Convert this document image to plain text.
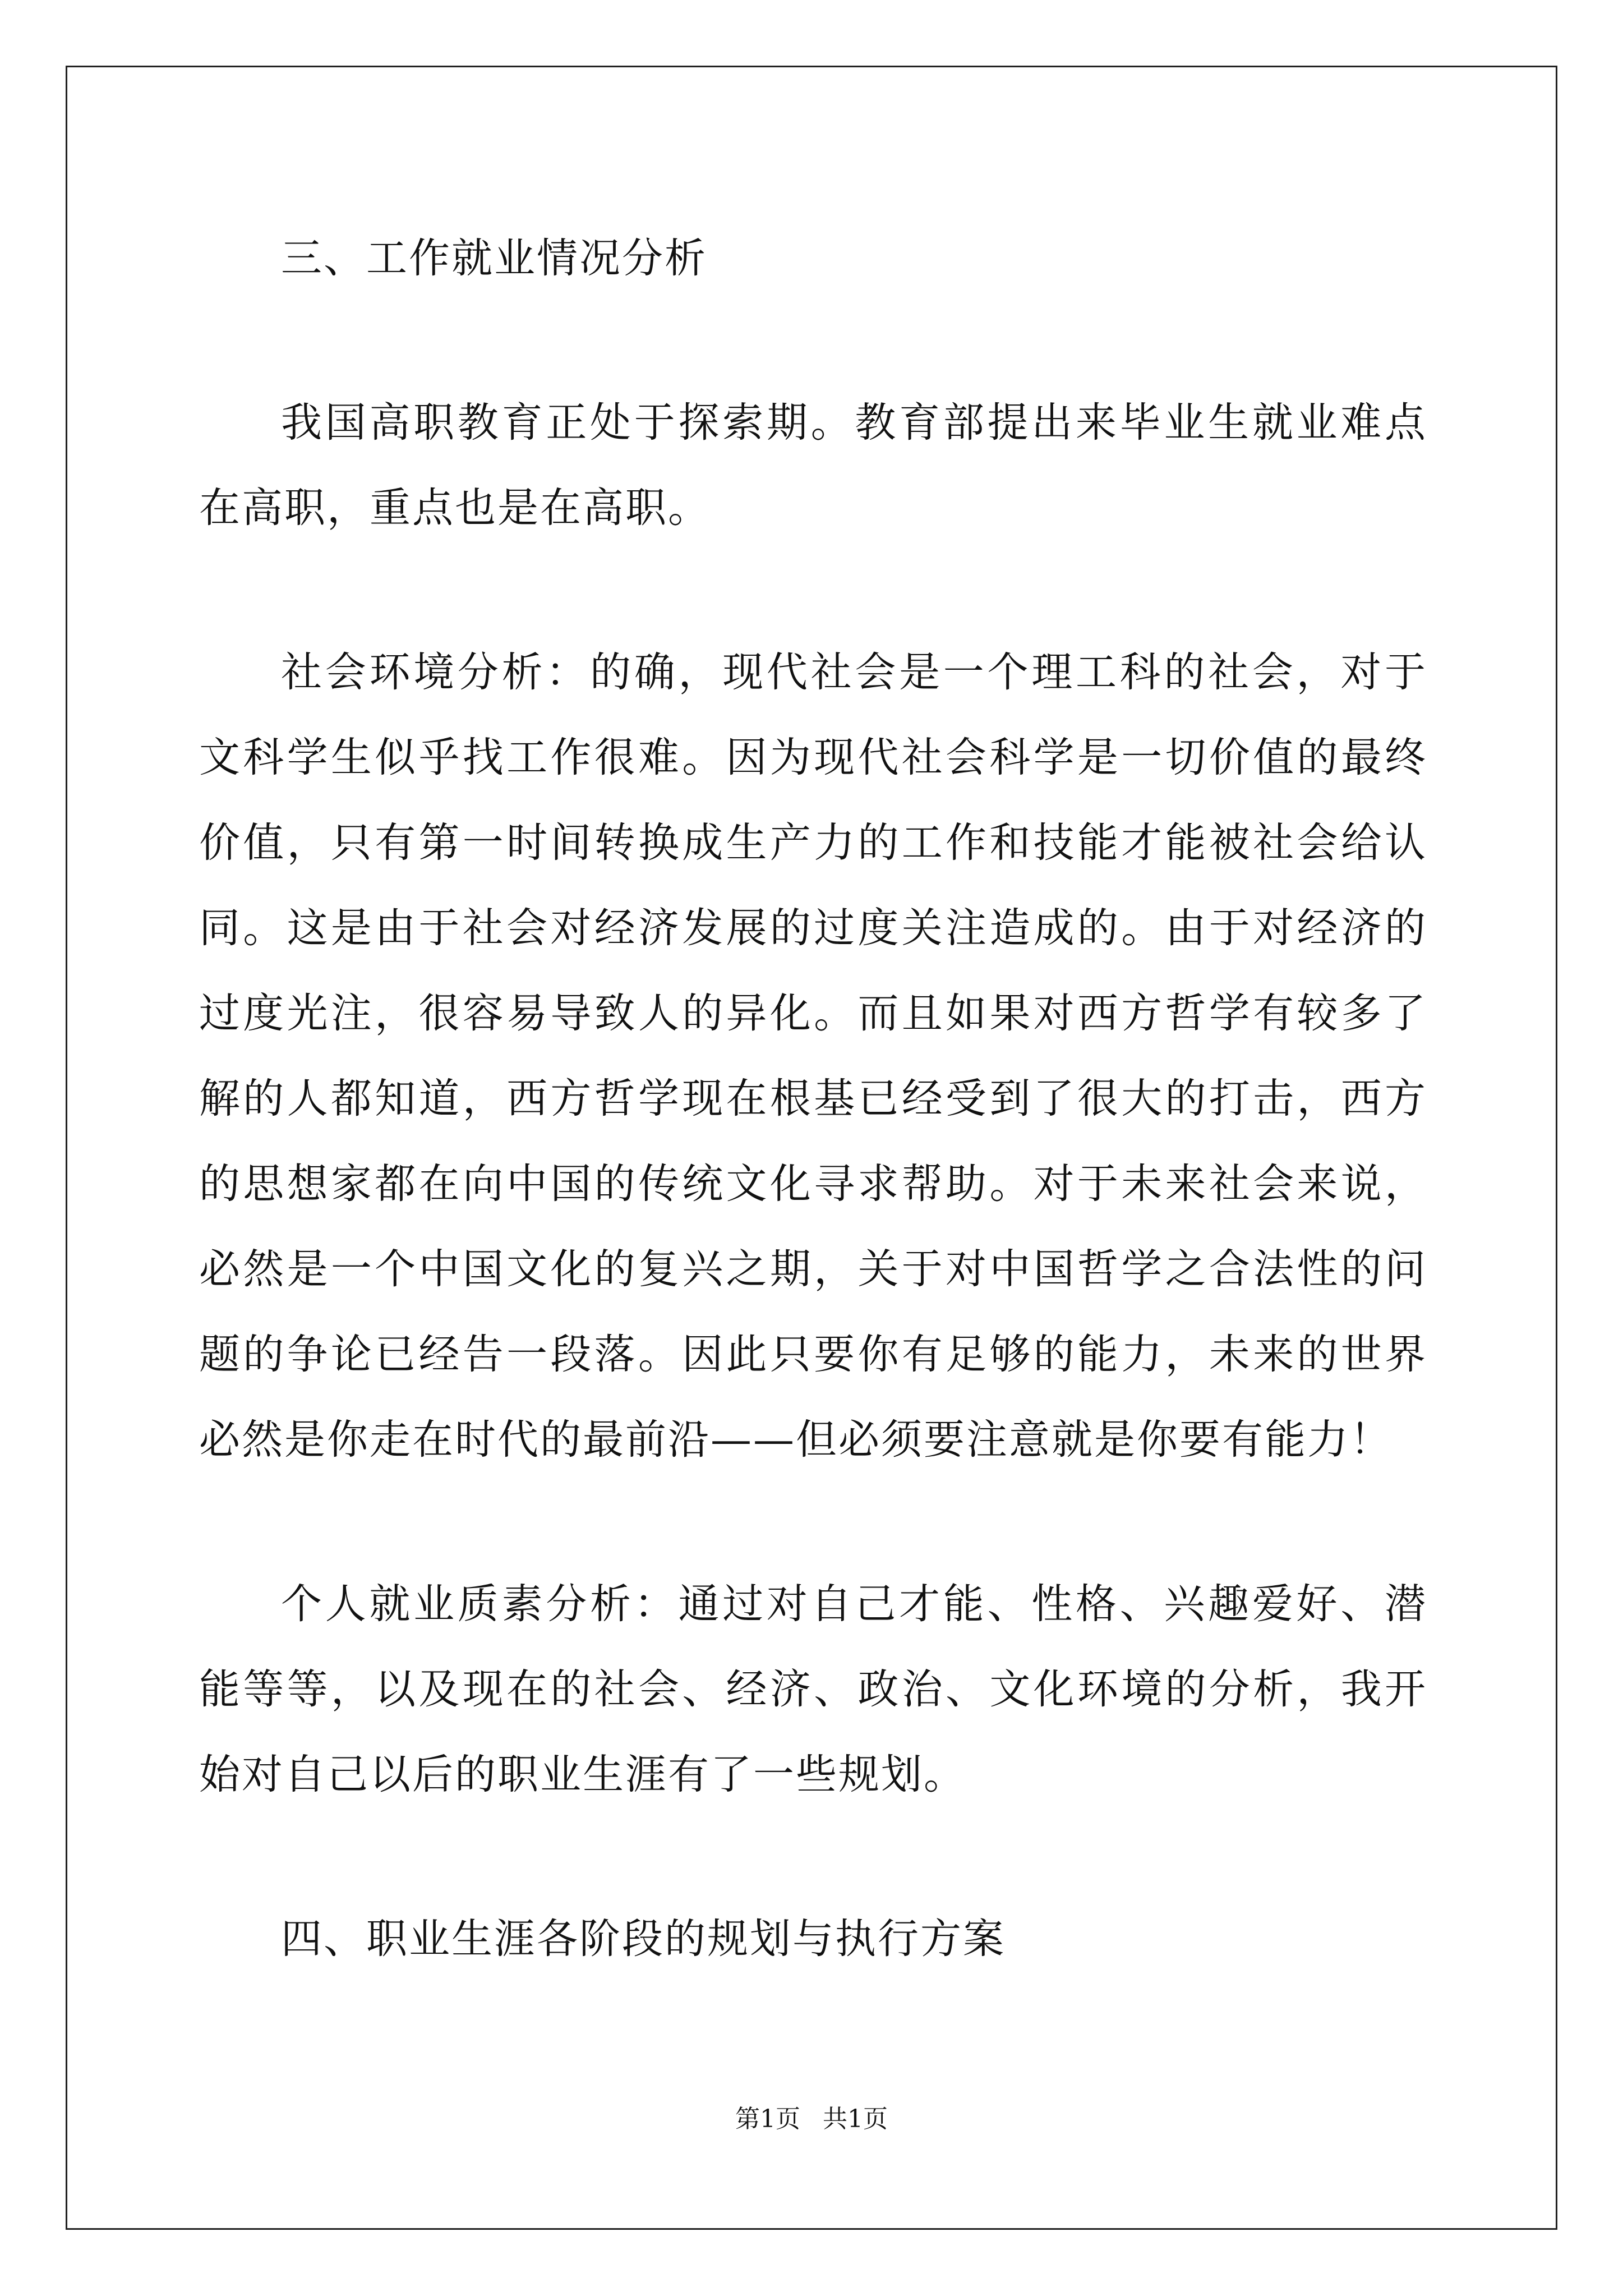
三、工作就业情况分析

我国高职教育正处于探索期。教育部提出来毕业生就业难点在高职，重点也是在高职。

社会环境分析：的确，现代社会是一个理工科的社会，对于文科学生似乎找工作很难。因为现代社会科学是一切价值的最终价值，只有第一时间转换成生产力的工作和技能才能被社会给认同。这是由于社会对经济发展的过度关注造成的。由于对经济的过度光注，很容易导致人的异化。而且如果对西方哲学有较多了解的人都知道，西方哲学现在根基已经受到了很大的打击，西方的思想家都在向中国的传统文化寻求帮助。对于未来社会来说，必然是一个中国文化的复兴之期，关于对中国哲学之合法性的问题的争论已经告一段落。因此只要你有足够的能力，未来的世界必然是你走在时代的最前沿——但必须要注意就是你要有能力！

个人就业质素分析：通过对自己才能、性格、兴趣爱好、潜能等等，以及现在的社会、经济、政治、文化环境的分析，我开始对自己以后的职业生涯有了一些规划。

四、职业生涯各阶段的规划与执行方案

第1页 共1页
